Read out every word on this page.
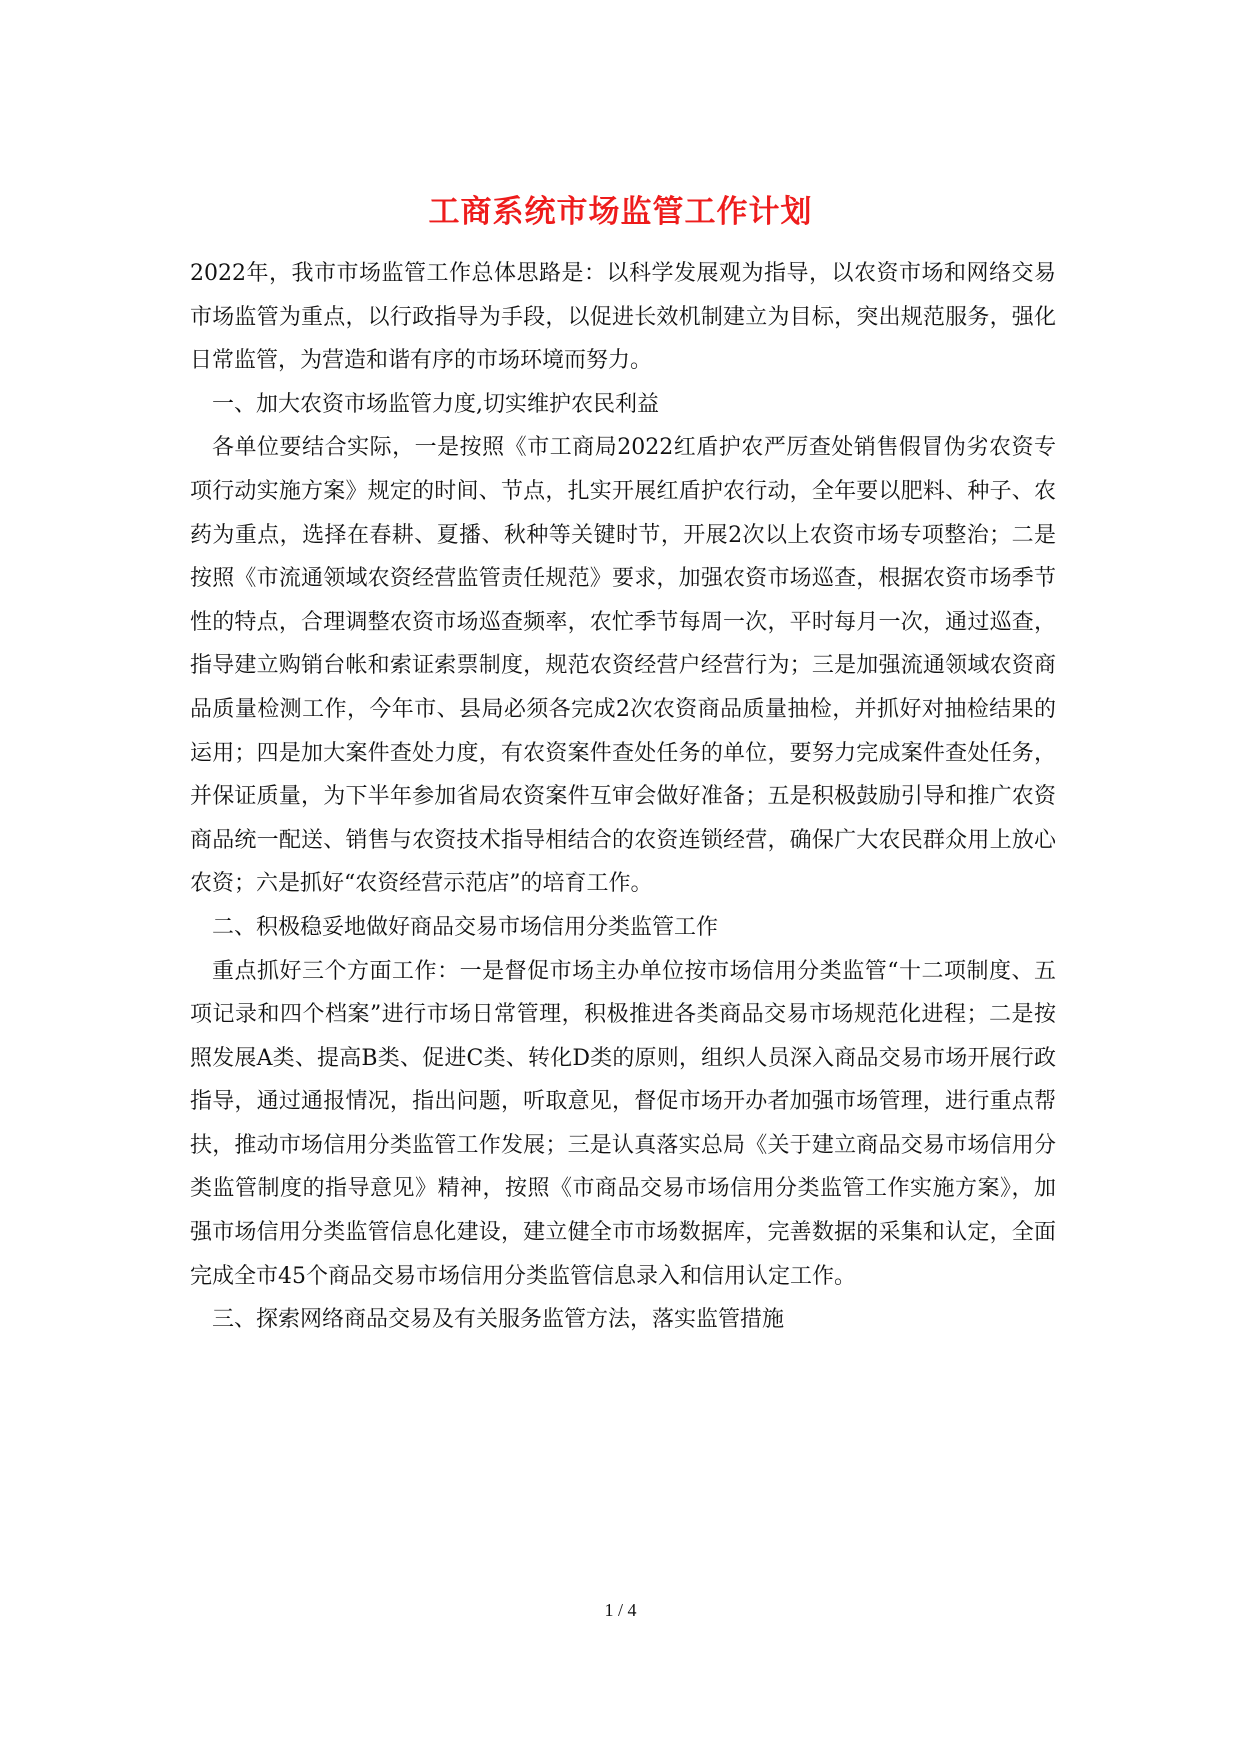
工商系统市场监管工作计划

2022年，我市市场监管工作总体思路是：以科学发展观为指导，以农资市场和网络交易市场监管为重点，以行政指导为手段，以促进长效机制建立为目标，突出规范服务，强化日常监管，为营造和谐有序的市场环境而努力。

一、加大农资市场监管力度,切实维护农民利益

各单位要结合实际，一是按照《市工商局2022红盾护农严厉查处销售假冒伪劣农资专项行动实施方案》规定的时间、节点，扎实开展红盾护农行动，全年要以肥料、种子、农药为重点，选择在春耕、夏播、秋种等关键时节，开展2次以上农资市场专项整治；二是按照《市流通领域农资经营监管责任规范》要求，加强农资市场巡查，根据农资市场季节性的特点，合理调整农资市场巡查频率，农忙季节每周一次，平时每月一次，通过巡查，指导建立购销台帐和索证索票制度，规范农资经营户经营行为；三是加强流通领域农资商品质量检测工作，今年市、县局必须各完成2次农资商品质量抽检，并抓好对抽检结果的运用；四是加大案件查处力度，有农资案件查处任务的单位，要努力完成案件查处任务，并保证质量，为下半年参加省局农资案件互审会做好准备；五是积极鼓励引导和推广农资商品统一配送、销售与农资技术指导相结合的农资连锁经营，确保广大农民群众用上放心农资；六是抓好“农资经营示范店”的培育工作。

二、积极稳妥地做好商品交易市场信用分类监管工作

重点抓好三个方面工作：一是督促市场主办单位按市场信用分类监管“十二项制度、五项记录和四个档案”进行市场日常管理，积极推进各类商品交易市场规范化进程；二是按照发展A类、提高B类、促进C类、转化D类的原则，组织人员深入商品交易市场开展行政指导，通过通报情况，指出问题，听取意见，督促市场开办者加强市场管理，进行重点帮扶，推动市场信用分类监管工作发展；三是认真落实总局《关于建立商品交易市场信用分类监管制度的指导意见》精神，按照《市商品交易市场信用分类监管工作实施方案》，加强市场信用分类监管信息化建设，建立健全市市场数据库，完善数据的采集和认定，全面完成全市45个商品交易市场信用分类监管信息录入和信用认定工作。

三、探索网络商品交易及有关服务监管方法，落实监管措施

1 / 4
